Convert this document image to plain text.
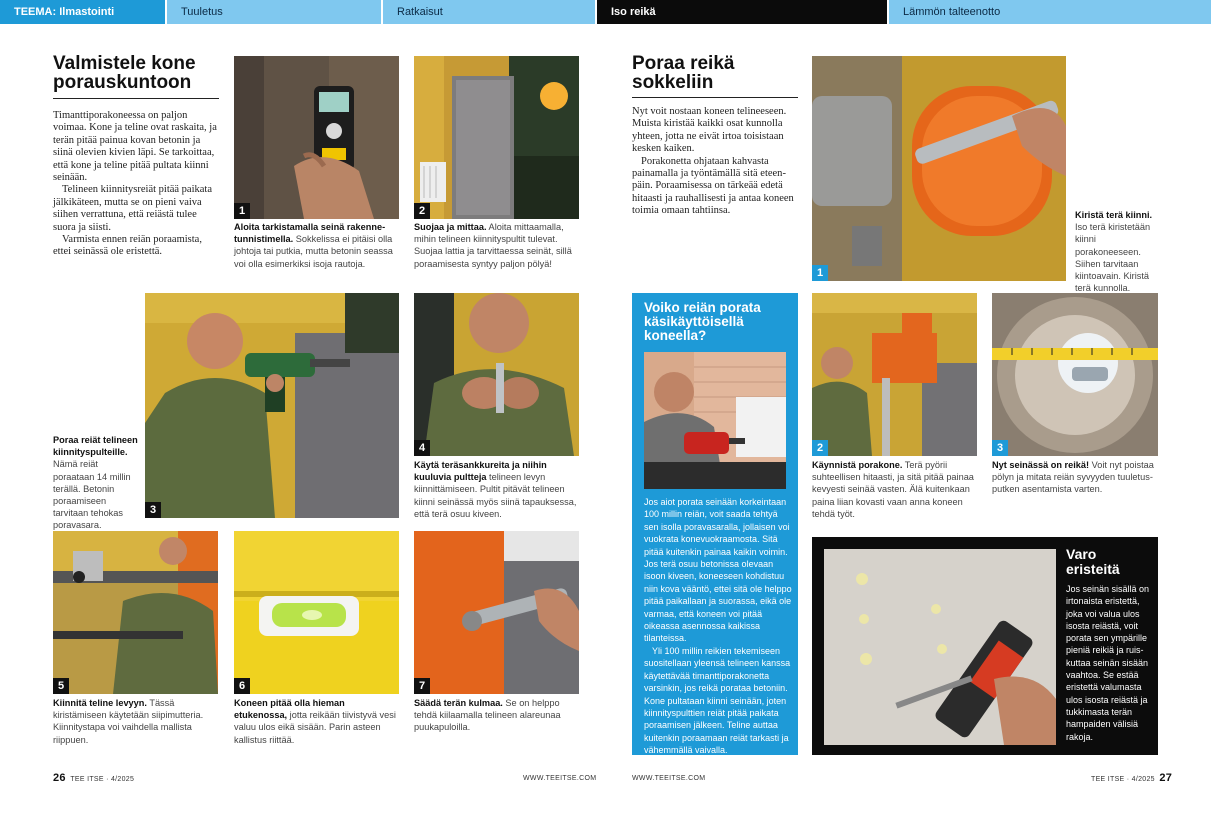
TEEMA: Ilmastointi	Tuuletus	Ratkaisut	Iso reikä	Lämmön talteenotto
Valmistele kone
porauskuntoon

Timanttiporakoneessa on paljon voimaa. Kone ja teline ovat raskaita, ja terän pitää painua kovan betonin ja siinä olevien kivien läpi. Se tarkoittaa, että kone ja teline pitää pultata kiinni seinään.

Telineen kiinnitysreiät pitää paikata jälkikäteen, mutta se on pieni vaiva siihen verrattuna, että reiästä tulee suora ja siisti.

Varmista ennen reiän poraamista, ettei seinässä ole eristettä.

1
Aloita tarkistamalla seinä rakennetunnistimella. Sokkelissa ei pitäisi olla johtoja tai putkia, mutta betonin seassa voi olla esimerkiksi isoja rautoja.
2
Suojaa ja mittaa. Aloita mittaamalla, mihin telineen kiinnityspultit tulevat. Suojaa lattia ja tarvittaessa seinät, sillä poraamisesta syntyy paljon pölyä!
Poraa reiät telineen kiinnityspulteille. Nämä reiät poraataan 14 millin terällä. Betonin poraamiseen tarvitaan tehokas poravasara.
3
4
Käytä teräsankkureita ja niihin kuuluvia pultteja telineen levyn kiinnittämiseen. Pultit pitävät telineen kiinni seinässä myös siinä tapauksessa, että terä osuu kiveen.
5
Kiinnitä teline levyyn. Tässä kiristämiseen käytetään siipimutteria. Kiinnitystapa voi vaihdella mallista riippuen.
6
Koneen pitää olla hieman etukenossa, jotta reikään tiivistyvä vesi valuu ulos eikä sisään. Parin asteen kallistus riittää.
7
Säädä terän kulmaa. Se on helppo tehdä kiilaamalla telineen alareunaa puukapuloilla.
26 TEE ITSE · 4/2025	WWW.TEEITSE.COM
Poraa reikä
sokkeliin

Nyt voit nostaan koneen telineeseen. Muista kiristää kaikki osat kunnolla yhteen, jotta ne eivät irtoa toisistaan kesken kaiken.

Porakonetta ohjataan kahvasta painamalla ja työntämällä sitä eteenpäin. Poraamisessa on tärkeää edetä hitaasti ja rauhallisesti ja antaa koneen toimia omaan tahtiinsa.

1
Kiristä terä kiinni. Iso terä kiristetään kiinni porakoneeseen. Siihen tarvitaan kiintoavain. Kiristä terä kunnolla.
Voiko reiän porata käsikäyttöisellä koneella?

Jos aiot porata seinään korkeintaan 100 millin reiän, voit saada tehtyä sen isolla poravasaralla, jollaisen voi vuokrata konevuokraamosta. Sitä pitää kuitenkin painaa kaikin voimin. Jos terä osuu betonissa olevaan isoon kiveen, koneeseen kohdistuu niin kova vääntö, ettei sitä ole helppo pitää paikallaan ja suorassa, eikä ole varmaa, että koneen voi pitää oikeassa asennossa kaikissa tilanteissa.

Yli 100 millin reikien tekemiseen suositellaan yleensä telineen kanssa käytettävää timanttiporakonetta varsinkin, jos reikä porataa betoniin. Kone pultataan kiinni seinään, joten kiinnityspulttien reiät pitää paikata poraamisen jälkeen. Teline auttaa kuitenkin poraamaan reiät tarkasti ja vähemmällä vaivalla.

2
Käynnistä porakone. Terä pyörii suhteellisen hitaasti, ja sitä pitää painaa kevyesti seinää vasten. Älä kuitenkaan paina liian kovasti vaan anna koneen tehdä työt.
3
Nyt seinässä on reikä! Voit nyt poistaa pölyn ja mitata reiän syvyyden tuuletusputken asentamista varten.
Varo
eristeitä
Jos seinän sisällä on irtonaista eristettä, joka voi valua ulos isosta reiästä, voit porata sen ympärille pieniä reikiä ja ruiskuttaa seinän sisään vaahtoa. Se estää eristettä valumasta ulos isosta reiästä ja tukkimasta terän hampaiden välisiä rakoja.
WWW.TEEITSE.COM	TEE ITSE · 4/2025 27
